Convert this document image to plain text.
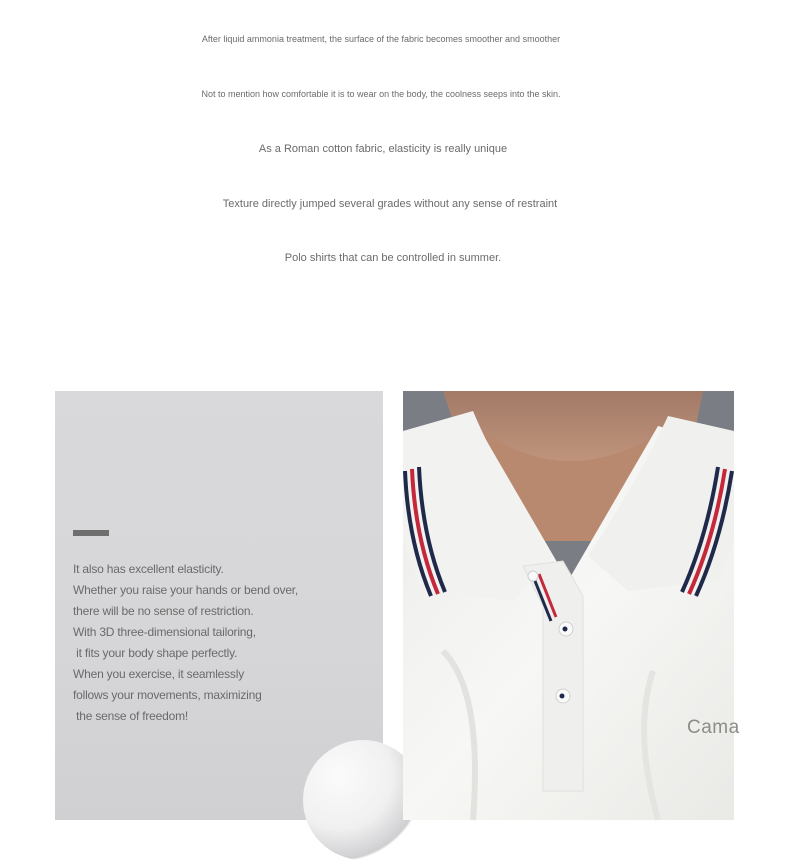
After liquid ammonia treatment, the surface of the fabric becomes smoother and smoother
Not to mention how comfortable it is to wear on the body, the coolness seeps into the skin.
As a Roman cotton fabric, elasticity is really unique
Texture directly jumped several grades without any sense of restraint
Polo shirts that can be controlled in summer.
It also has excellent elasticity.
Whether you raise your hands or bend over,
there will be no sense of restriction.
With 3D three-dimensional tailoring,
it fits your body shape perfectly.
When you exercise, it seamlessly
follows your movements, maximizing
the sense of freedom!
Cama
